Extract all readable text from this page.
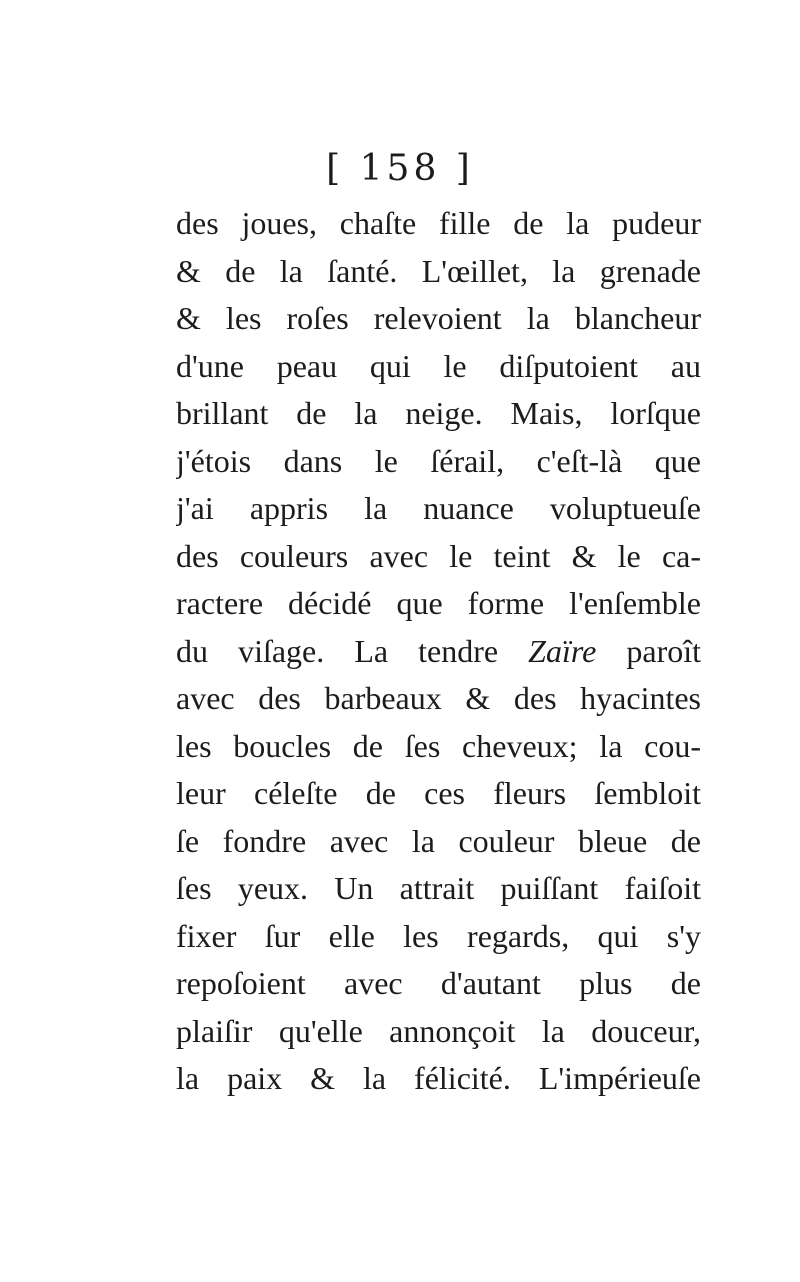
[ 158 ]
des joues, chaſte fille de la pudeur
& de la ſanté. L'œillet, la grenade
& les roſes relevoient la blancheur
d'une peau qui le diſputoient au
brillant de la neige. Mais, lorſque
j'étois dans le ſérail, c'eſt-là que
j'ai appris la nuance voluptueuſe
des couleurs avec le teint & le ca-
ractere décidé que forme l'enſemble
du viſage. La tendre Zaïre paroît
avec des barbeaux & des hyacintes
les boucles de ſes cheveux; la cou-
leur céleſte de ces fleurs ſembloit
ſe fondre avec la couleur bleue de
ſes yeux. Un attrait puiſſant faiſoit
fixer ſur elle les regards, qui s'y
repoſoient avec d'autant plus de
plaiſir qu'elle annonçoit la douceur,
la paix & la félicité. L'impérieuſe
